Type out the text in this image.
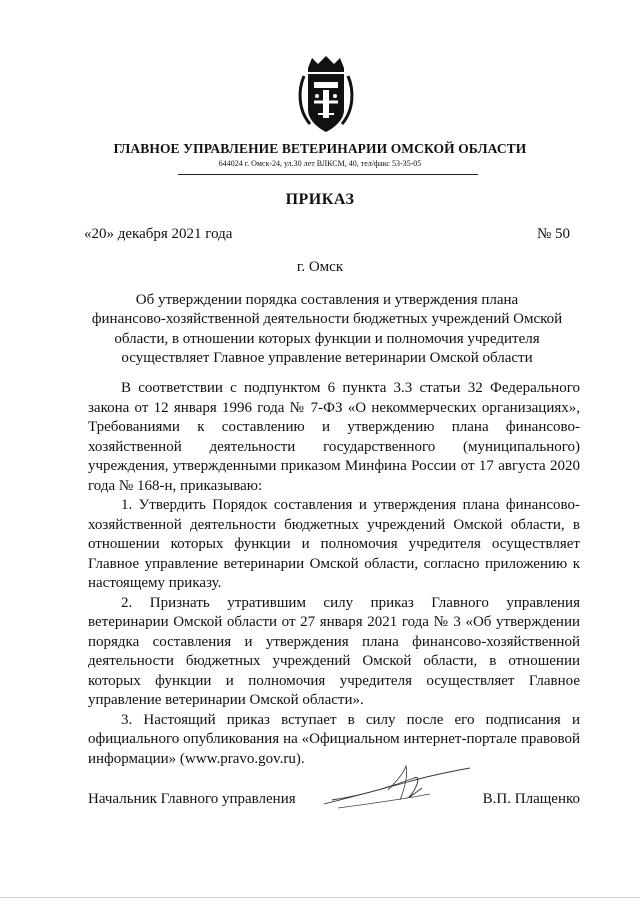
ГЛАВНОЕ УПРАВЛЕНИЕ ВЕТЕРИНАРИИ ОМСКОЙ ОБЛАСТИ
644024 г. Омск-24, ул.30 лет ВЛКСМ, 40, тел/факс 53-35-05
ПРИКАЗ
«20» декабря 2021 года	№ 50
г. Омск
Об утверждении порядка составления и утверждения плана
финансово-хозяйственной деятельности бюджетных учреждений Омской
области, в отношении которых функции и полномочия учредителя
осуществляет Главное управление ветеринарии Омской области

В соответствии с подпунктом 6 пункта 3.3 статьи 32 Федерального закона от 12 января 1996 года № 7-ФЗ «О некоммерческих организациях», Требованиями к составлению и утверждению плана финансово-хозяйственной деятельности государственного (муниципального) учреждения, утвержденными приказом Минфина России от 17 августа 2020 года № 168-н, приказываю:

1. Утвердить Порядок составления и утверждения плана финансово-хозяйственной деятельности бюджетных учреждений Омской области, в отношении которых функции и полномочия учредителя осуществляет Главное управление ветеринарии Омской области, согласно приложению к настоящему приказу.

2. Признать утратившим силу приказ Главного управления ветеринарии Омской области от 27 января 2021 года № 3 «Об утверждении порядка составления и утверждения плана финансово-хозяйственной деятельности бюджетных учреждений Омской области, в отношении которых функции и полномочия учредителя осуществляет Главное управление ветеринарии Омской области».

3. Настоящий приказ вступает в силу после его подписания и официального опубликования на «Официальном интернет-портале правовой информации» (www.pravo.gov.ru).

Начальник Главного управления	В.П. Плащенко
